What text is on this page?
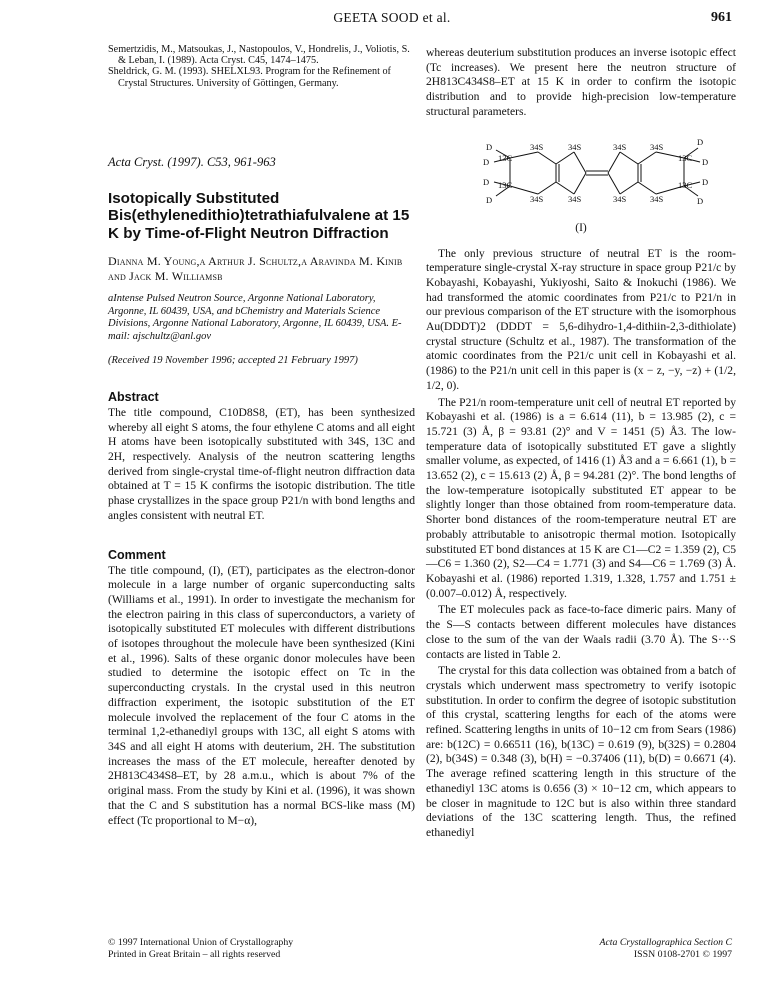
GEETA SOOD et al.	961

Semertzidis, M., Matsoukas, J., Nastopoulos, V., Hondrelis, J., Voliotis, S. & Leban, I. (1989). Acta Cryst. C45, 1474–1475.

Sheldrick, G. M. (1993). SHELXL93. Program for the Refinement of Crystal Structures. University of Göttingen, Germany.

Acta Cryst. (1997). C53, 961-963
Isotopically Substituted Bis(ethylenedithio)tetrathiafulvalene at 15 K by Time-of-Flight Neutron Diffraction
Dianna M. Young,a Arthur J. Schultz,a Aravinda M. Kinib and Jack M. Williamsb
aIntense Pulsed Neutron Source, Argonne National Laboratory, Argonne, IL 60439, USA, and bChemistry and Materials Science Divisions, Argonne National Laboratory, Argonne, IL 60439, USA. E-mail: ajschultz@anl.gov
(Received 19 November 1996; accepted 21 February 1997)
Abstract

The title compound, C10D8S8, (ET), has been synthesized whereby all eight S atoms, the four ethylene C atoms and all eight H atoms have been isotopically substituted with 34S, 13C and 2H, respectively. Analysis of the neutron scattering lengths derived from single-crystal time-of-flight neutron diffraction data obtained at T = 15 K confirms the isotopic distribution. The title phase crystallizes in the space group P21/n with bond lengths and angles consistent with neutral ET.

Comment

The title compound, (I), (ET), participates as the electron-donor molecule in a large number of organic superconducting salts (Williams et al., 1991). In order to investigate the mechanism for the electron pairing in this class of superconductors, a variety of isotopically substituted ET molecules with different distributions of isotopes throughout the molecule have been synthesized (Kini et al., 1996). Salts of these organic donor molecules have been studied to determine the isotopic effect on Tc in the superconducting crystals. In the crystal used in this neutron diffraction experiment, the isotopic substitution of the ET molecule involved the replacement of the four C atoms in the terminal 1,2-ethanediyl groups with 13C, all eight S atoms with 34S and all eight H atoms with deuterium, 2H. The substitution increases the mass of the ET molecule, hereafter denoted by 2H813C434S8–ET, by 28 a.m.u., which is about 7% of the original mass. From the study by Kini et al. (1996), it was shown that the C and S substitution has a normal BCS-like mass (M) effect (Tc proportional to M−α),

whereas deuterium substitution produces an inverse isotopic effect (Tc increases). We present here the neutron structure of 2H813C434S8–ET at 15 K in order to confirm the isotopic distribution and to provide high-precision low-temperature structural parameters.

D
D
D
D
D
D
D
D
13C
13C
13C
13C
34S
34S
34S
34S
34S
34S
34S
34S
(I)

The only previous structure of neutral ET is the room-temperature single-crystal X-ray structure in space group P21/c by Kobayashi, Kobayashi, Yukiyoshi, Saito & Inokuchi (1986). We had transformed the atomic coordinates from P21/c to P21/n in our previous comparison of the ET structure with the isomorphous Au(DDDT)2 (DDDT = 5,6-dihydro-1,4-dithiin-2,3-dithiolate) crystal structure (Schultz et al., 1987). The transformation of the atomic coordinates from the P21/c unit cell in Kobayashi et al. (1986) to the P21/n unit cell in this paper is (x − z, −y, −z) + (1/2, 1/2, 0).

The P21/n room-temperature unit cell of neutral ET reported by Kobayashi et al. (1986) is a = 6.614 (11), b = 13.985 (2), c = 15.721 (3) Å, β = 93.81 (2)° and V = 1451 (5) Å3. The low-temperature data of isotopically substituted ET gave a slightly smaller volume, as expected, of 1416 (1) Å3 and a = 6.661 (1), b = 13.652 (2), c = 15.613 (2) Å, β = 94.281 (2)°. The bond lengths of the low-temperature isotopically substituted ET appear to be slightly longer than those obtained from room-temperature data. Shorter bond distances of the room-temperature neutral ET are probably attributable to anisotropic thermal motion. Isotopically substituted ET bond distances at 15 K are C1—C2 = 1.359 (2), C5—C6 = 1.360 (2), S2—C4 = 1.771 (3) and S4—C6 = 1.769 (3) Å. Kobayashi et al. (1986) reported 1.319, 1.328, 1.757 and 1.751 ± (0.007–0.012) Å, respectively.

The ET molecules pack as face-to-face dimeric pairs. Many of the S—S contacts between different molecules have distances close to the sum of the van der Waals radii (3.70 Å). The S···S contacts are listed in Table 2.

The crystal for this data collection was obtained from a batch of crystals which underwent mass spectrometry to verify isotopic substitution. In order to confirm the degree of isotopic substitution of this crystal, scattering lengths for each of the atoms were refined. Scattering lengths in units of 10−12 cm from Sears (1986) are: b(12C) = 0.66511 (16), b(13C) = 0.619 (9), b(32S) = 0.2804 (2), b(34S) = 0.348 (3), b(H) = −0.37406 (11), b(D) = 0.6671 (4). The average refined scattering length in this structure of the ethanediyl 13C atoms is 0.656 (3) × 10−12 cm, which appears to be closer in magnitude to 12C but is also within three standard deviations of the 13C scattering length. Thus, the refined ethanediyl

© 1997 International Union of Crystallography
Printed in Great Britain – all rights reserved
Acta Crystallographica Section C
ISSN 0108-2701 © 1997
